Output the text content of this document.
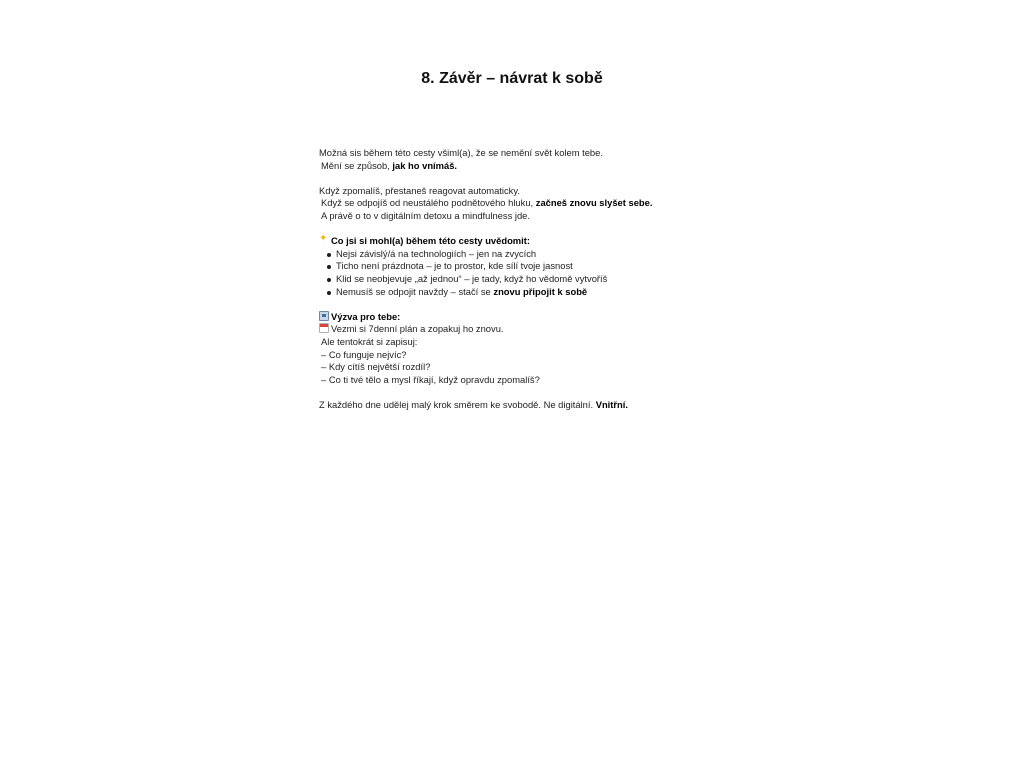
8. Závěr – návrat k sobě
Možná sis během této cesty všiml(a), že se nemění svět kolem tebe.
Mění se způsob, jak ho vnímáš.
Když zpomalíš, přestaneš reagovat automaticky.
Když se odpojíš od neustálého podnětového hluku, začneš znovu slyšet sebe.
A právě o to v digitálním detoxu a mindfulness jde.
✦Co jsi si mohl(a) během této cesty uvědomit:
Nejsi závislý/á na technologiích – jen na zvycích
Ticho není prázdnota – je to prostor, kde sílí tvoje jasnost
Klid se neobjevuje „až jednou“ – je tady, když ho vědomě vytvoříš
Nemusíš se odpojit navždy – stačí se znovu připojit k sobě
Výzva pro tebe:
Vezmi si 7denní plán a zopakuj ho znovu.
Ale tentokrát si zapisuj:
– Co funguje nejvíc?
– Kdy cítíš největší rozdíl?
– Co ti tvé tělo a mysl říkají, když opravdu zpomalíš?
Z každého dne udělej malý krok směrem ke svobodě. Ne digitální. Vnitřní.
